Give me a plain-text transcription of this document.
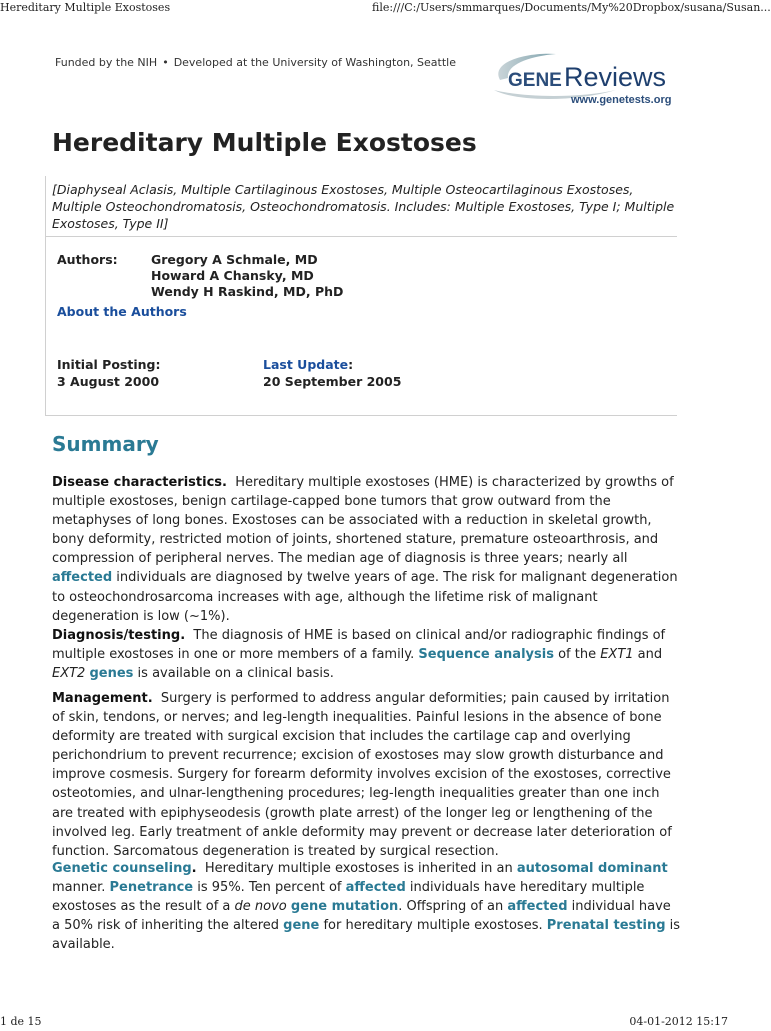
Hereditary Multiple Exostoses	file:///C:/Users/smmarques/Documents/My%20Dropbox/susana/Susan...
Funded by the NIH • Developed at the University of Washington, Seattle
GENE Reviews
www.genetests.org
Hereditary Multiple Exostoses
[Diaphyseal Aclasis, Multiple Cartilaginous Exostoses, Multiple Osteocartilaginous Exostoses, Multiple Osteochondromatosis, Osteochondromatosis. Includes: Multiple Exostoses, Type I; Multiple Exostoses, Type II]
Authors:	Gregory A Schmale, MD
Howard A Chansky, MD
Wendy H Raskind, MD, PhD
About the Authors
Initial Posting:
3 August 2000
Last Update:
20 September 2005
Summary

Disease characteristics. Hereditary multiple exostoses (HME) is characterized by growths of multiple exostoses, benign cartilage-capped bone tumors that grow outward from the metaphyses of long bones. Exostoses can be associated with a reduction in skeletal growth, bony deformity, restricted motion of joints, shortened stature, premature osteoarthrosis, and compression of peripheral nerves. The median age of diagnosis is three years; nearly all affected individuals are diagnosed by twelve years of age. The risk for malignant degeneration to osteochondrosarcoma increases with age, although the lifetime risk of malignant degeneration is low (~1%).

Diagnosis/testing. The diagnosis of HME is based on clinical and/or radiographic findings of multiple exostoses in one or more members of a family. Sequence analysis of the EXT1 and EXT2 genes is available on a clinical basis.

Management. Surgery is performed to address angular deformities; pain caused by irritation of skin, tendons, or nerves; and leg-length inequalities. Painful lesions in the absence of bone deformity are treated with surgical excision that includes the cartilage cap and overlying perichondrium to prevent recurrence; excision of exostoses may slow growth disturbance and improve cosmesis. Surgery for forearm deformity involves excision of the exostoses, corrective osteotomies, and ulnar-lengthening procedures; leg-length inequalities greater than one inch are treated with epiphyseodesis (growth plate arrest) of the longer leg or lengthening of the involved leg. Early treatment of ankle deformity may prevent or decrease later deterioration of function. Sarcomatous degeneration is treated by surgical resection.

Genetic counseling. Hereditary multiple exostoses is inherited in an autosomal dominant manner. Penetrance is 95%. Ten percent of affected individuals have hereditary multiple exostoses as the result of a de novo gene mutation. Offspring of an affected individual have a 50% risk of inheriting the altered gene for hereditary multiple exostoses. Prenatal testing is available.

1 de 15	04-01-2012 15:17
